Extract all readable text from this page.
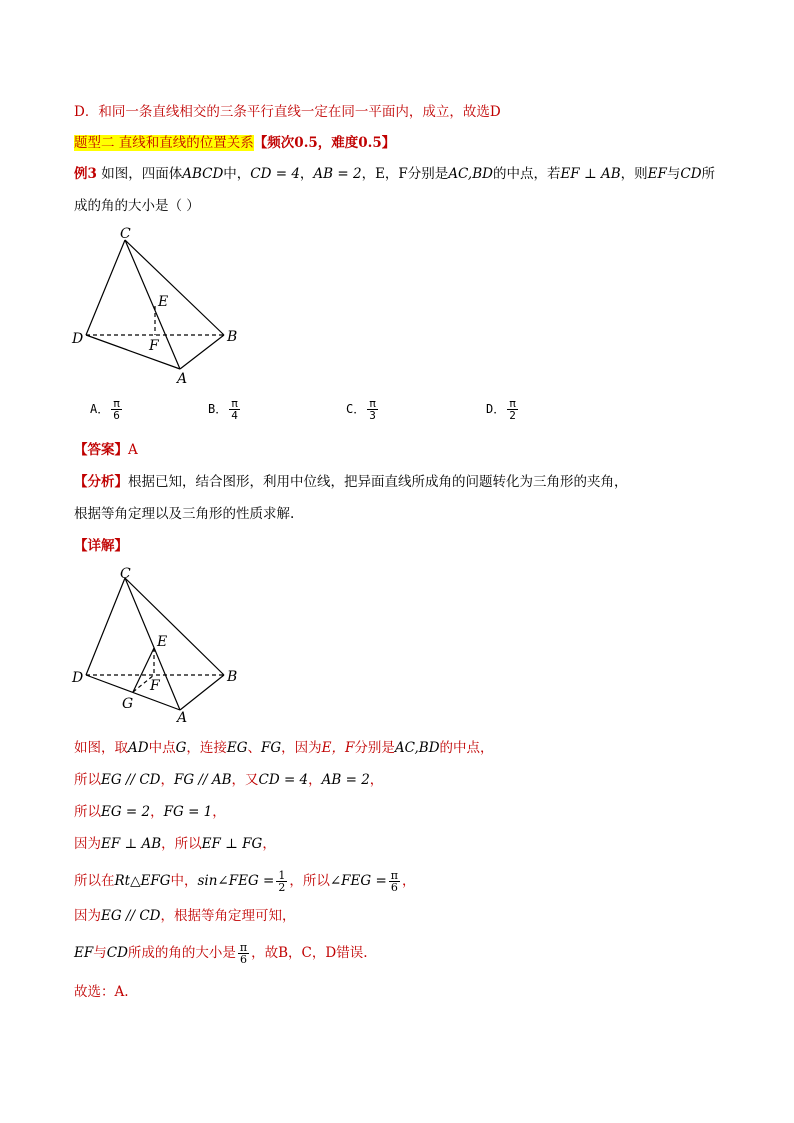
D．和同一条直线相交的三条平行直线一定在同一平面内，成立，故选D
题型二 直线和直线的位置关系【频次0.5，难度0.5】
例3 如图，四面体ABCD中，CD = 4，AB = 2，E，F分别是AC,BD的中点，若EF ⊥ AB，则EF与CD所
成的角的大小是（ ）
C
D	B
A
E
F
A． $\frac{\pi}{6}$	B． $\frac{\pi}{4}$	C． $\frac{\pi}{3}$	D． $\frac{\pi}{2}$
【答案】A
【分析】根据已知，结合图形，利用中位线，把异面直线所成角的问题转化为三角形的夹角，
根据等角定理以及三角形的性质求解.
【详解】
C
D	B
A
E
F
G
如图，取AD中点G，连接EG、FG，因为E，F分别是AC,BD的中点，
所以EG // CD，FG // AB，又CD = 4，AB = 2，
所以EG = 2，FG = 1，
因为EF ⊥ AB，所以EF ⊥ FG，
所以在Rt△EFG中，sin∠FEG = $\frac{1}{2}$ ，所以∠FEG = $\frac{\pi}{6}$ ，
因为EG // CD，根据等角定理可知，
EF与CD所成的角的大小是 $\frac{\pi}{6}$ ，故B，C，D错误.
故选：A.
